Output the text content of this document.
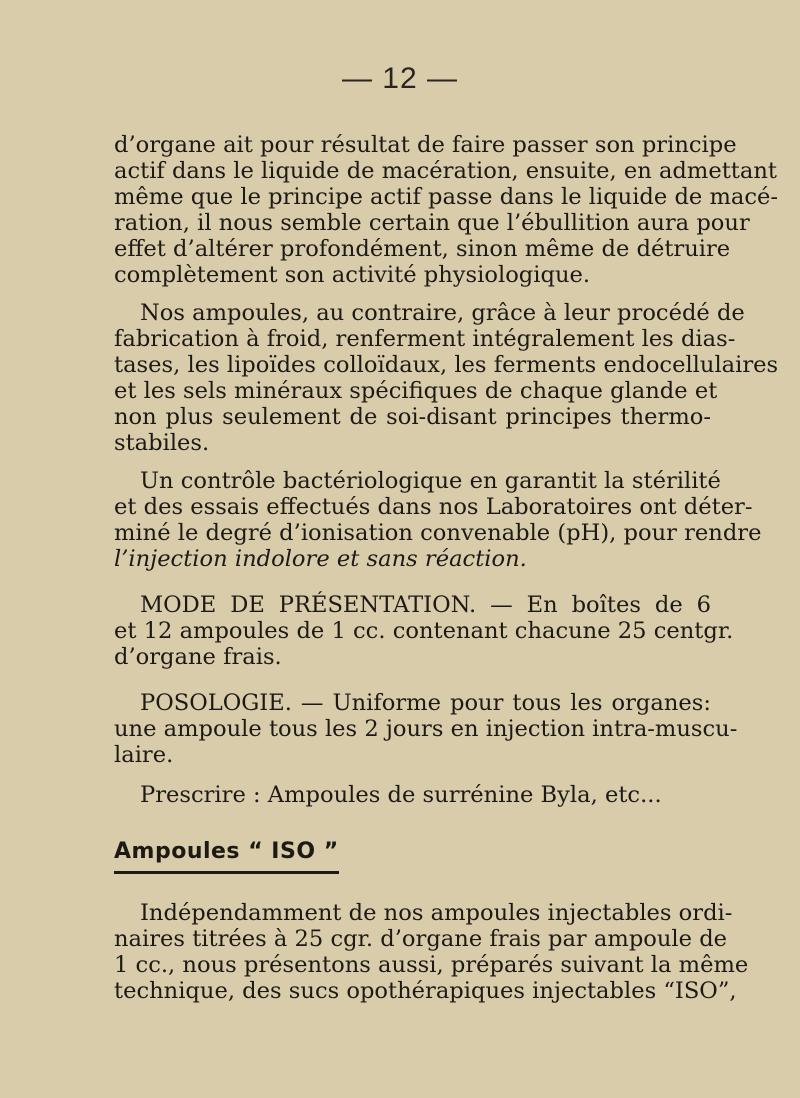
— 12 —

d’organe ait pour résultat de faire passer son principe
actif dans le liquide de macération, ensuite, en admettant
même que le principe actif passe dans le liquide de macé-
ration, il nous semble certain que l’ébullition aura pour
effet d’altérer profondément, sinon même de détruire
complètement son activité physiologique.

Nos ampoules, au contraire, grâce à leur procédé de
fabrication à froid, renferment intégralement les dias-
tases, les lipoïdes colloïdaux, les ferments endocellulaires
et les sels minéraux spécifiques de chaque glande et
non plus seulement de soi-disant principes thermo-
stabiles.

Un contrôle bactériologique en garantit la stérilité
et des essais effectués dans nos Laboratoires ont déter-
miné le degré d’ionisation convenable (pH), pour rendre
l’injection indolore et sans réaction.

MODE DE PRÉSENTATION. — En boîtes de 6
et 12 ampoules de 1 cc. contenant chacune 25 centgr.
d’organe frais.

POSOLOGIE. — Uniforme pour tous les organes:
une ampoule tous les 2 jours en injection intra-muscu-
laire.

Prescrire : Ampoules de surrénine Byla, etc...

Ampoules “ ISO ”

Indépendamment de nos ampoules injectables ordi-
naires titrées à 25 cgr. d’organe frais par ampoule de
1 cc., nous présentons aussi, préparés suivant la même
technique, des sucs opothérapiques injectables “ISO”,
